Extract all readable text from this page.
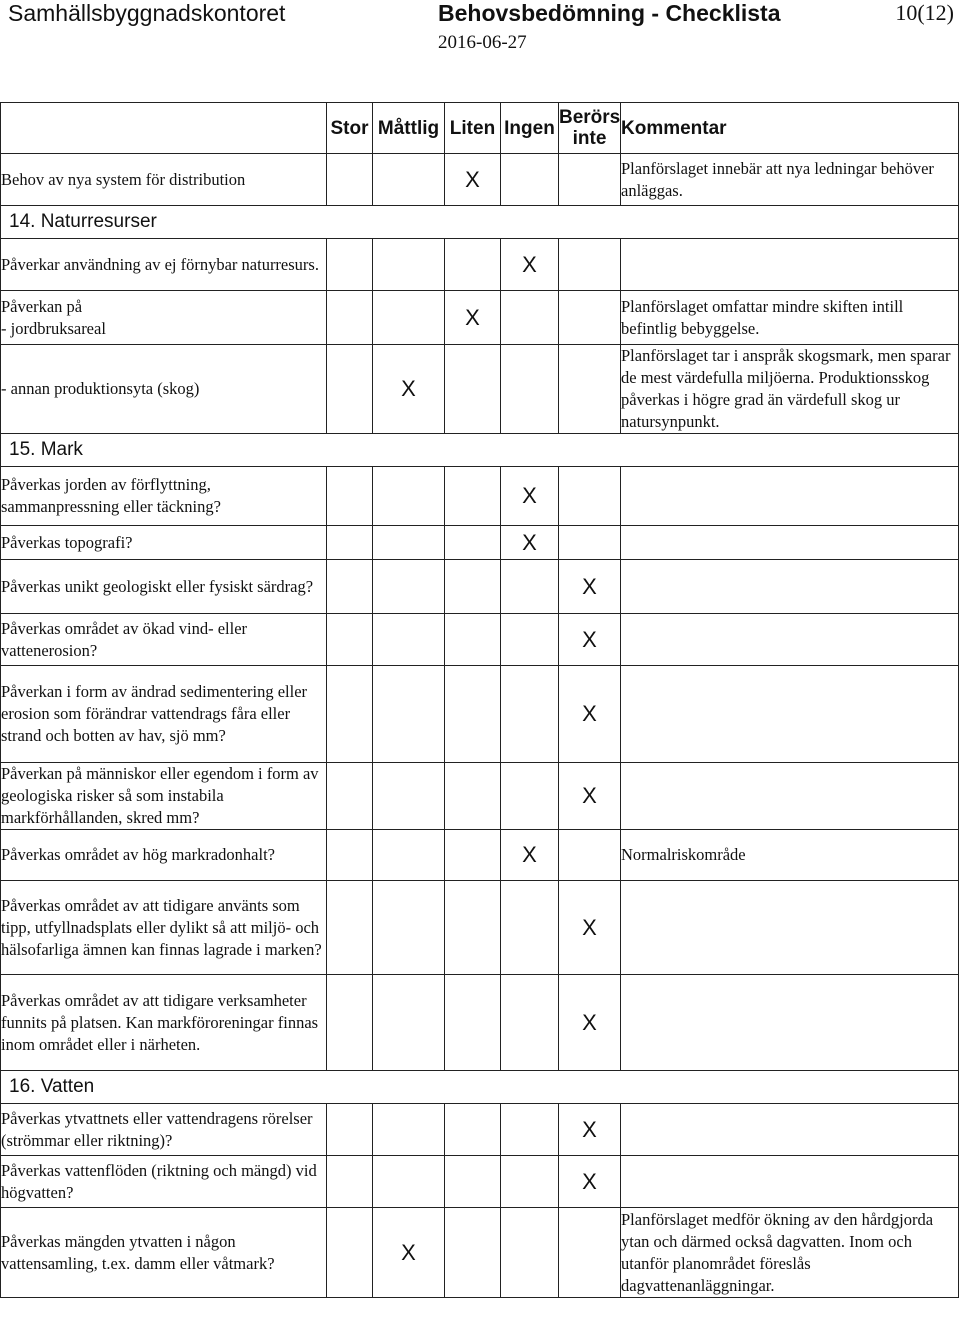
Samhällsbyggnadskontoret	Behovsbedömning - Checklista	10(12)
2016-06-27
	Stor	Måttlig	Liten	Ingen	Berörs
inte	Kommentar
Behov av nya system för distribution			X			Planförslaget innebär att nya ledningar behöver anläggas.
14. Naturresurser						
Påverkar användning av ej förnybar naturresurs.				X		

Påverkan på
- jordbruksareal			X			Planförslaget omfattar mindre skiften intill befintlig bebyggelse.
- annan produktionsyta (skog)		X				Planförslaget tar i anspråk skogsmark, men sparar de mest värdefulla miljöerna. Produktionsskog påverkas i högre grad än värdefull skog ur natursynpunkt.
15. Mark						
Påverkas jorden av förflyttning, sammanpressning eller täckning?				X		
Påverkas topografi?				X		
Påverkas unikt geologiskt eller fysiskt särdrag?					X	
Påverkas området av ökad vind- eller vattenerosion?					X	
Påverkan i form av ändrad sedimentering eller erosion som förändrar vattendrags fåra eller strand och botten av hav, sjö mm?					X	
Påverkan på människor eller egendom i form av geologiska risker så som instabila markförhållanden, skred mm?					X	
Påverkas området av hög markradonhalt?				X		Normalriskområde
Påverkas området av att tidigare använts som tipp, utfyllnadsplats eller dylikt så att miljö- och hälsofarliga ämnen kan finnas lagrade i marken?					X	
Påverkas området av att tidigare verksamheter funnits på platsen. Kan markföroreningar finnas inom området eller i närheten.					X	
16. Vatten						
Påverkas ytvattnets eller vattendragens rörelser (strömmar eller riktning)?					X	
Påverkas vattenflöden (riktning och mängd) vid högvatten?					X	
Påverkas mängden ytvatten i någon vattensamling, t.ex. damm eller våtmark?		X				Planförslaget medför ökning av den hårdgjorda ytan och därmed också dagvatten. Inom och utanför planområdet föreslås dagvattenanläggningar.
